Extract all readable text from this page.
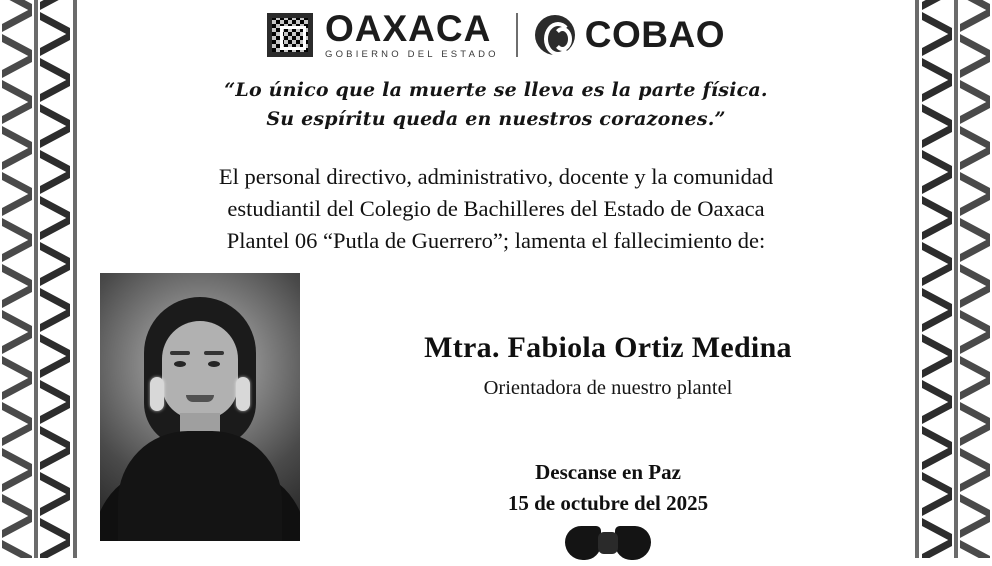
OAXACA
GOBIERNO DEL ESTADO COBAO
“Lo único que la muerte se lleva es la parte física.
Su espíritu queda en nuestros corazones.”
El personal directivo, administrativo, docente y la comunidad
estudiantil del Colegio de Bachilleres del Estado de Oaxaca
Plantel 06 “Putla de Guerrero”; lamenta el fallecimiento de:
Mtra. Fabiola Ortiz Medina
Orientadora de nuestro plantel
Descanse en Paz
15 de octubre del 2025
